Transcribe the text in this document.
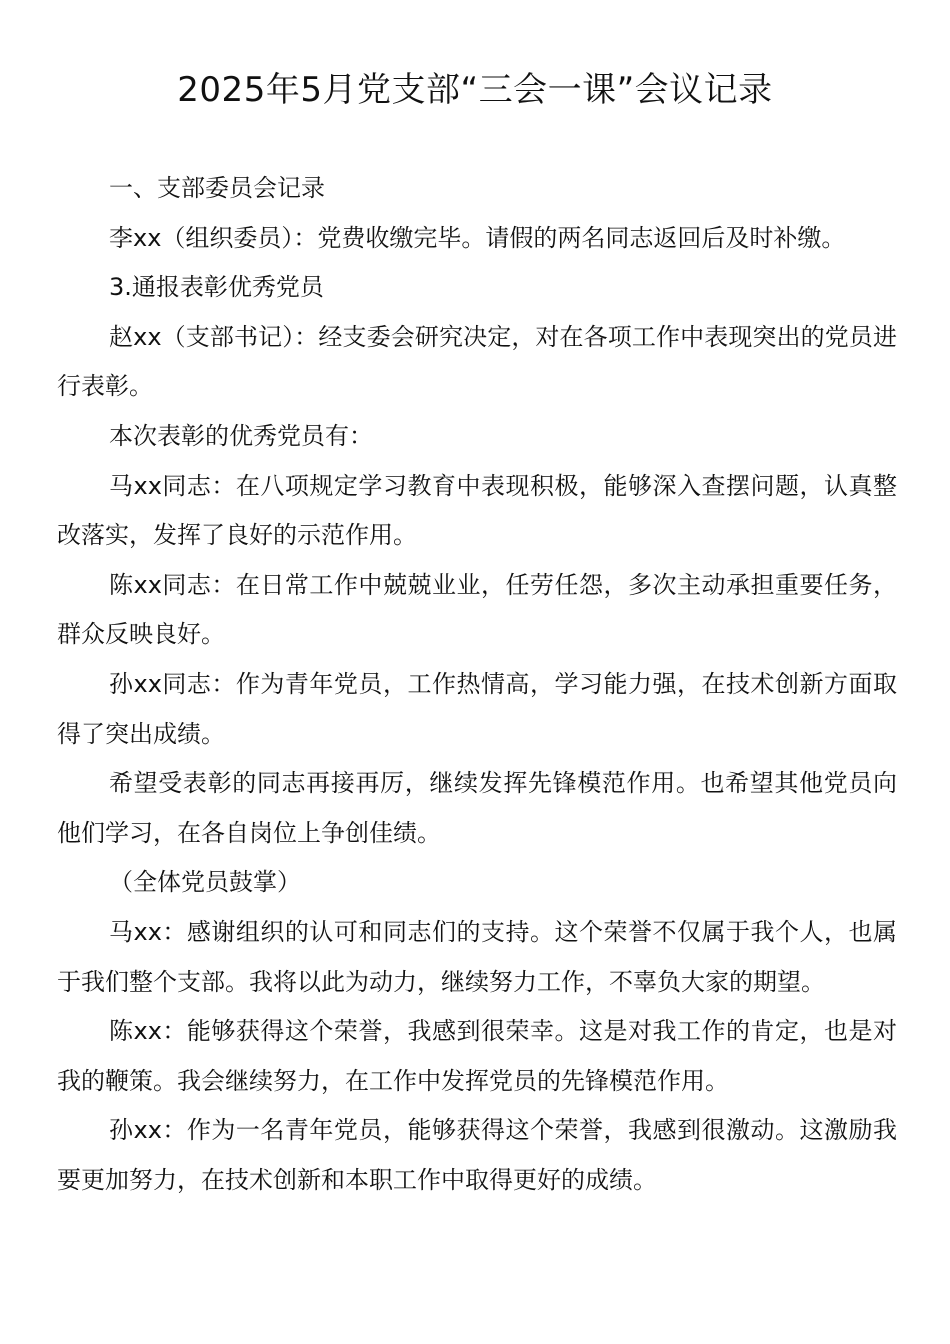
2025年5月党支部“三会一课”会议记录

一、支部委员会记录

李xx（组织委员）：党费收缴完毕。请假的两名同志返回后及时补缴。

3.通报表彰优秀党员

赵xx（支部书记）：经支委会研究决定，对在各项工作中表现突出的党员进行表彰。

本次表彰的优秀党员有：

马xx同志：在八项规定学习教育中表现积极，能够深入查摆问题，认真整改落实，发挥了良好的示范作用。

陈xx同志：在日常工作中兢兢业业，任劳任怨，多次主动承担重要任务，群众反映良好。

孙xx同志：作为青年党员，工作热情高，学习能力强，在技术创新方面取得了突出成绩。

希望受表彰的同志再接再厉，继续发挥先锋模范作用。也希望其他党员向他们学习，在各自岗位上争创佳绩。

（全体党员鼓掌）

马xx：感谢组织的认可和同志们的支持。这个荣誉不仅属于我个人，也属于我们整个支部。我将以此为动力，继续努力工作，不辜负大家的期望。

陈xx：能够获得这个荣誉，我感到很荣幸。这是对我工作的肯定，也是对我的鞭策。我会继续努力，在工作中发挥党员的先锋模范作用。

孙xx：作为一名青年党员，能够获得这个荣誉，我感到很激动。这激励我要更加努力，在技术创新和本职工作中取得更好的成绩。
